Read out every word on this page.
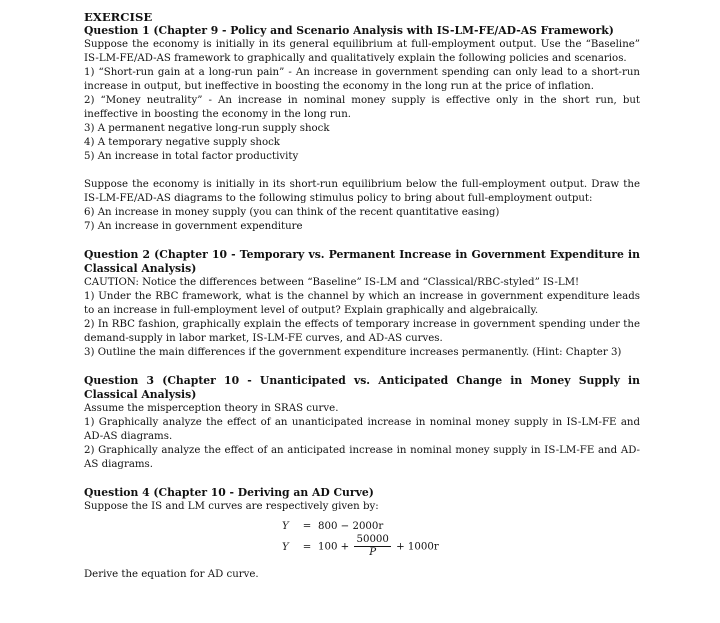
EXERCISE

Question 1 (Chapter 9 - Policy and Scenario Analysis with IS-LM-FE/AD-AS Framework)

Suppose the economy is initially in its general equilibrium at full-employment output. Use the “Baseline” IS-LM-FE/AD-AS framework to graphically and qualitatively explain the following policies and scenarios.

1) “Short-run gain at a long-run pain” - An increase in government spending can only lead to a short-run increase in output, but ineffective in boosting the economy in the long run at the price of inflation.

2) “Money neutrality” - An increase in nominal money supply is effective only in the short run, but ineffective in boosting the economy in the long run.

3) A permanent negative long-run supply shock

4) A temporary negative supply shock

5) An increase in total factor productivity

Suppose the economy is initially in its short-run equilibrium below the full-employment output. Draw the IS-LM-FE/AD-AS diagrams to the following stimulus policy to bring about full-employment output:

6) An increase in money supply (you can think of the recent quantitative easing)

7) An increase in government expenditure

Question 2 (Chapter 10 - Temporary vs. Permanent Increase in Government Expenditure in Classical Analysis)

CAUTION: Notice the differences between “Baseline” IS-LM and “Classical/RBC-styled” IS-LM!

1) Under the RBC framework, what is the channel by which an increase in government expenditure leads to an increase in full-employment level of output? Explain graphically and algebraically.

2) In RBC fashion, graphically explain the effects of temporary increase in government spending under the demand-supply in labor market, IS-LM-FE curves, and AD-AS curves.

3) Outline the main differences if the government expenditure increases permanently. (Hint: Chapter 3)

Question 3 (Chapter 10 - Unanticipated vs. Anticipated Change in Money Supply in Classical Analysis)

Assume the misperception theory in SRAS curve.

1) Graphically analyze the effect of an unanticipated increase in nominal money supply in IS-LM-FE and AD-AS diagrams.

2) Graphically analyze the effect of an anticipated increase in nominal money supply in IS-LM-FE and AD-AS diagrams.

Question 4 (Chapter 10 - Deriving an AD Curve)

Suppose the IS and LM curves are respectively given by:

Y = 800 − 2000r
$Y = 100 + \frac{50000}{P} + 1000r$

Derive the equation for AD curve.
